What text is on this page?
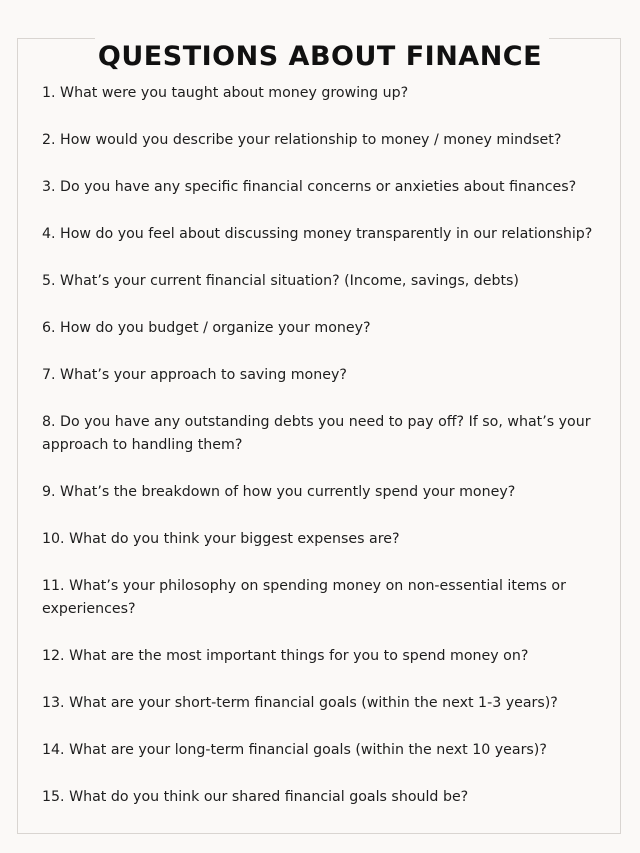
QUESTIONS ABOUT FINANCE
1. What were you taught about money growing up?
2. How would you describe your relationship to money / money mindset?
3. Do you have any specific financial concerns or anxieties about finances?
4. How do you feel about discussing money transparently in our relationship?
5. What’s your current financial situation? (Income, savings, debts)
6. How do you budget / organize your money?
7. What’s your approach to saving money?
8. Do you have any outstanding debts you need to pay off? If so, what’s your approach to handling them?
9. What’s the breakdown of how you currently spend your money?
10. What do you think your biggest expenses are?
11. What’s your philosophy on spending money on non-essential items or experiences?
12. What are the most important things for you to spend money on?
13. What are your short-term financial goals (within the next 1-3 years)?
14. What are your long-term financial goals (within the next 10 years)?
15. What do you think our shared financial goals should be?
